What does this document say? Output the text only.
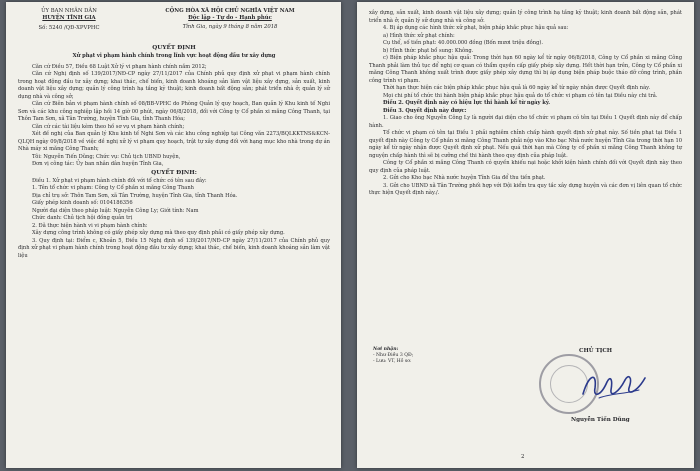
ỦY BAN NHÂN DÂN
HUYỆN TĨNH GIA
Số: 5240 /QĐ-XPVPHC
CỘNG HÒA XÃ HỘI CHỦ NGHĨA VIỆT NAM
Độc lập - Tự do - Hạnh phúc
Tĩnh Gia, ngày 9 tháng 8 năm 2018
QUYẾT ĐỊNH

Xử phạt vi phạm hành chính trong lĩnh vực hoạt động đầu tư xây dựng

Căn cứ Điều 57, Điều 68 Luật Xử lý vi phạm hành chính năm 2012;

Căn cứ Nghị định số 139/2017/NĐ-CP ngày 27/11/2017 của Chính phủ quy định xử phạt vi phạm hành chính trong hoạt động đầu tư xây dựng; khai thác, chế biến, kinh doanh khoáng sản làm vật liệu xây dựng, sản xuất, kinh doanh vật liệu xây dựng; quản lý công trình hạ tầng kỹ thuật; kinh doanh bất động sản; phát triển nhà ở; quản lý sử dụng nhà và công sở;

Căn cứ Biên bản vi phạm hành chính số 08/BB-VPHC do Phòng Quản lý quy hoạch, Ban quản lý Khu kinh tế Nghi Sơn và các khu công nghiệp lập hồi 14 giờ 00 phút, ngày 06/8/2018, đối với Công ty Cổ phần xi măng Công Thanh, tại Thôn Tam Sơn, xã Tân Trường, huyện Tĩnh Gia, tỉnh Thanh Hóa;

Căn cứ các tài liệu kèm theo hồ sơ vụ vi phạm hành chính;

Xét đề nghị của Ban quản lý Khu kinh tế Nghi Sơn và các khu công nghiệp tại Công văn 2273/BQLKKTNS&KCN-QLQH ngày 09/8/2018 về việc đề nghị xử lý vi phạm quy hoạch, trật tự xây dựng đối với hạng mục kho nhà trong dự án Nhà máy xi măng Công Thanh;

Tôi: Nguyễn Tiến Dũng; Chức vụ: Chủ tịch UBND huyện,

Đơn vị công tác: Ủy ban nhân dân huyện Tĩnh Gia,

QUYẾT ĐỊNH:

Điều 1. Xử phạt vi phạm hành chính đối với tổ chức có tên sau đây:

1. Tên tổ chức vi phạm: Công ty Cổ phần xi măng Công Thanh

Địa chỉ trụ sở: Thôn Tam Sơn, xã Tân Trường, huyện Tĩnh Gia, tỉnh Thanh Hóa.

Giấy phép kinh doanh số: 0104186356

Người đại diện theo pháp luật: Nguyễn Công Ly; Giới tính: Nam

Chức danh: Chủ tịch hội đồng quản trị

2. Đã thực hiện hành vi vi phạm hành chính:

Xây dựng công trình không có giấy phép xây dựng mà theo quy định phải có giấy phép xây dựng.

3. Quy định tại: Điểm c, Khoản 5, Điều 15 Nghị định số 139/2017/NĐ-CP ngày 27/11/2017 của Chính phủ quy định xử phạt vi phạm hành chính trong hoạt động đầu tư xây dựng; khai thác, chế biến, kinh doanh khoáng sản làm vật liệu

xây dựng, sản xuất, kinh doanh vật liệu xây dựng; quản lý công trình hạ tầng kỹ thuật; kinh doanh bất động sản, phát triển nhà ở; quản lý sử dụng nhà và công sở.

4. Bị áp dụng các hình thức xử phạt, biện pháp khắc phục hậu quả sau:

a) Hình thức xử phạt chính:

Cụ thể, số tiền phạt: 40.000.000 đồng (Bốn mươi triệu đồng).

b) Hình thức phạt bổ sung: Không.

c) Biện pháp khắc phục hậu quả: Trong thời hạn 60 ngày kể từ ngày 06/8/2018, Công ty Cổ phần xi măng Công Thanh phải làm thủ tục để nghị cơ quan có thẩm quyền cấp giấy phép xây dựng. Hết thời hạn trên, Công ty Cổ phần xi măng Công Thanh không xuất trình được giấy phép xây dựng thì bị áp dụng biện pháp buộc tháo dỡ công trình, phần công trình vi phạm.

Thời hạn thực hiện các biện pháp khắc phục hậu quả là 60 ngày kể từ ngày nhận được Quyết định này.

Mọi chi phí tổ chức thi hành biện pháp khắc phục hậu quả do tổ chức vi phạm có tên tại Điều này chi trả.

Điều 2. Quyết định này có hiệu lực thi hành kể từ ngày ký.

Điều 3. Quyết định này được:

1. Giao cho ông Nguyễn Công Ly là người đại diện cho tổ chức vi phạm có tên tại Điều 1 Quyết định này để chấp hành.

Tổ chức vi phạm có tên tại Điều 1 phải nghiêm chỉnh chấp hành quyết định xử phạt này. Số tiền phạt tại Điều 1 quyết định này Công ty Cổ phần xi măng Công Thanh phải nộp vào Kho bạc Nhà nước huyện Tĩnh Gia trong thời hạn 10 ngày kể từ ngày nhận được Quyết định xử phạt. Nếu quá thời hạn mà Công ty cổ phần xi măng Công Thanh không tự nguyện chấp hành thì sẽ bị cưỡng chế thi hành theo quy định của pháp luật.

Công ty Cổ phần xi măng Công Thanh có quyền khiếu nại hoặc khởi kiện hành chính đối với Quyết định này theo quy định của pháp luật.

2. Gửi cho Kho bạc Nhà nước huyện Tĩnh Gia để thu tiền phạt.

3. Gửi cho UBND xã Tân Trường phối hợp với Đội kiểm tra quy tắc xây dựng huyện và các đơn vị liên quan tổ chức thực hiện Quyết định này./.

Nơi nhận:
- Như Điều 3 QĐ;
- Lưu: VT, Hồ sơ.
CHỦ TỊCH
Nguyễn Tiến Dũng
2
